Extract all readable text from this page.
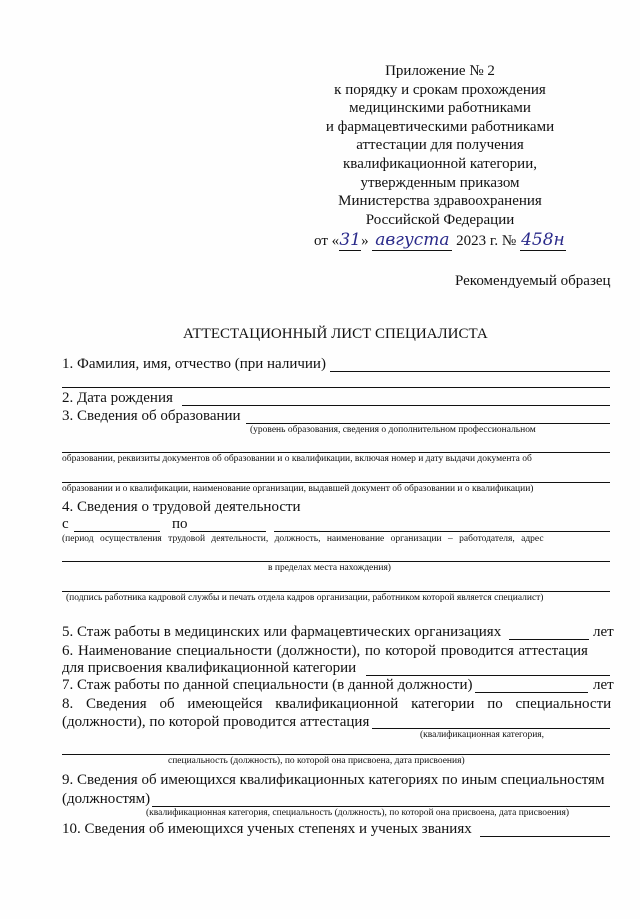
Приложение № 2
к порядку и срокам прохождения
медицинскими работниками
и фармацевтическими работниками
аттестации для получения
квалификационной категории,
утвержденным приказом
Министерства здравоохранения
Российской Федерации
от «31» августа 2023 г. № 458н
Рекомендуемый образец
АТТЕСТАЦИОННЫЙ ЛИСТ СПЕЦИАЛИСТА
1. Фамилия, имя, отчество (при наличии)
2. Дата рождения
3. Сведения об образовании
(уровень образования, сведения о дополнительном профессиональном
образовании, реквизиты документов об образовании и о квалификации, включая номер и дату выдачи документа об
образовании и о квалификации, наименование организации, выдавшей документ об образовании и о квалификации)
4. Сведения о трудовой деятельности
с	по
(период осуществления трудовой деятельности, должность, наименование организации – работодателя, адрес
в пределах места нахождения)
(подпись работника кадровой службы и печать отдела кадров организации, работником которой является специалист)
5. Стаж работы в медицинских или фармацевтических организациях	лет
6. Наименование специальности (должности), по которой проводится аттестация
для присвоения квалификационной категории
7. Стаж работы по данной специальности (в данной должности)	лет
8. Сведения об имеющейся квалификационной категории по специальности
(должности), по которой проводится аттестация
(квалификационная категория,
специальность (должность), по которой она присвоена, дата присвоения)
9. Сведения об имеющихся квалификационных категориях по иным специальностям
(должностям)
(квалификационная категория, специальность (должность), по которой она присвоена, дата присвоения)
10. Сведения об имеющихся ученых степенях и ученых званиях
